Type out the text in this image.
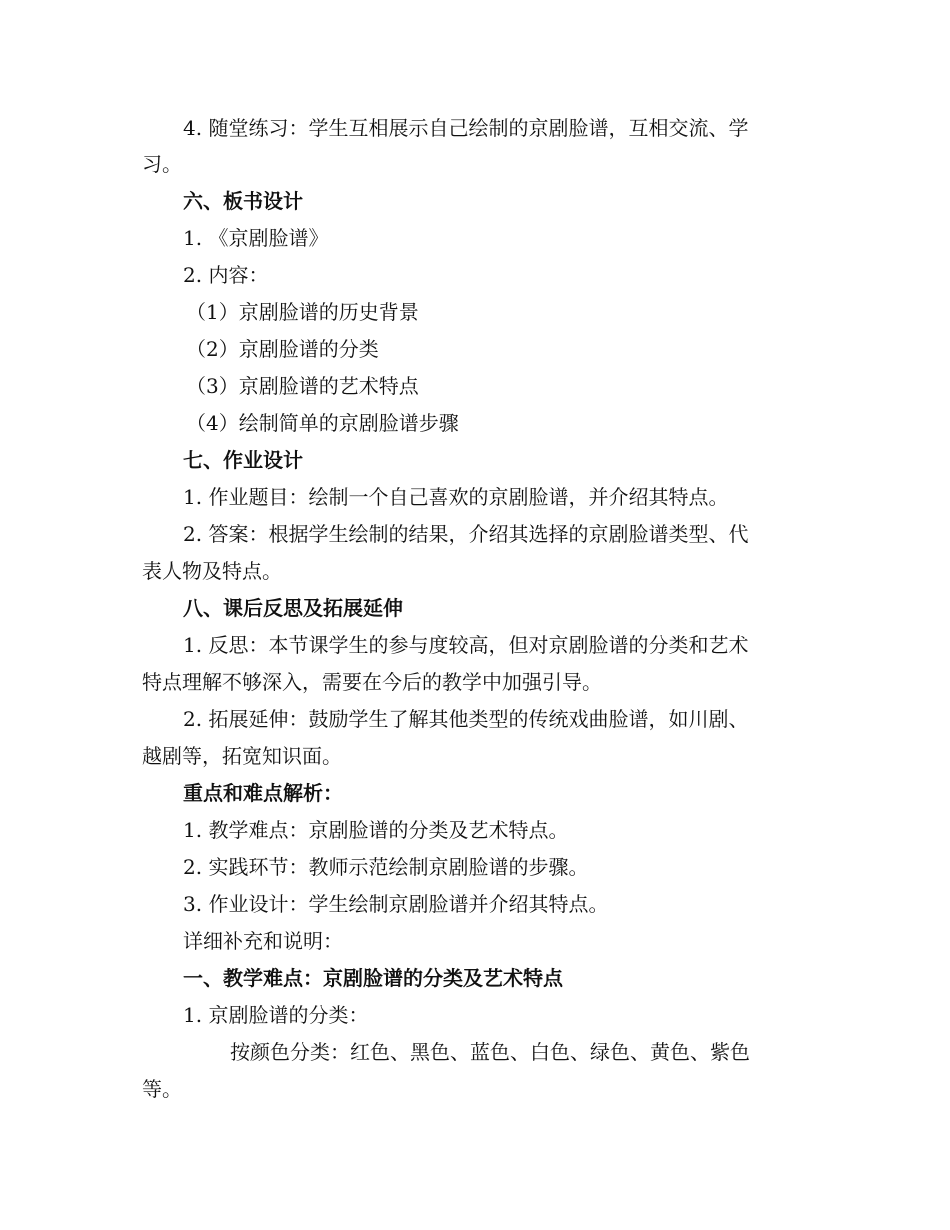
4. 随堂练习：学生互相展示自己绘制的京剧脸谱，互相交流、学
习。
六、板书设计
1. 《京剧脸谱》
2. 内容：
（1）京剧脸谱的历史背景
（2）京剧脸谱的分类
（3）京剧脸谱的艺术特点
（4）绘制简单的京剧脸谱步骤
七、作业设计
1. 作业题目：绘制一个自己喜欢的京剧脸谱，并介绍其特点。
2. 答案：根据学生绘制的结果，介绍其选择的京剧脸谱类型、代
表人物及特点。
八、课后反思及拓展延伸
1. 反思：本节课学生的参与度较高，但对京剧脸谱的分类和艺术
特点理解不够深入，需要在今后的教学中加强引导。
2. 拓展延伸：鼓励学生了解其他类型的传统戏曲脸谱，如川剧、
越剧等，拓宽知识面。
重点和难点解析：
1. 教学难点：京剧脸谱的分类及艺术特点。
2. 实践环节：教师示范绘制京剧脸谱的步骤。
3. 作业设计：学生绘制京剧脸谱并介绍其特点。
详细补充和说明：
一、教学难点：京剧脸谱的分类及艺术特点
1. 京剧脸谱的分类：
按颜色分类：红色、黑色、蓝色、白色、绿色、黄色、紫色
等。
